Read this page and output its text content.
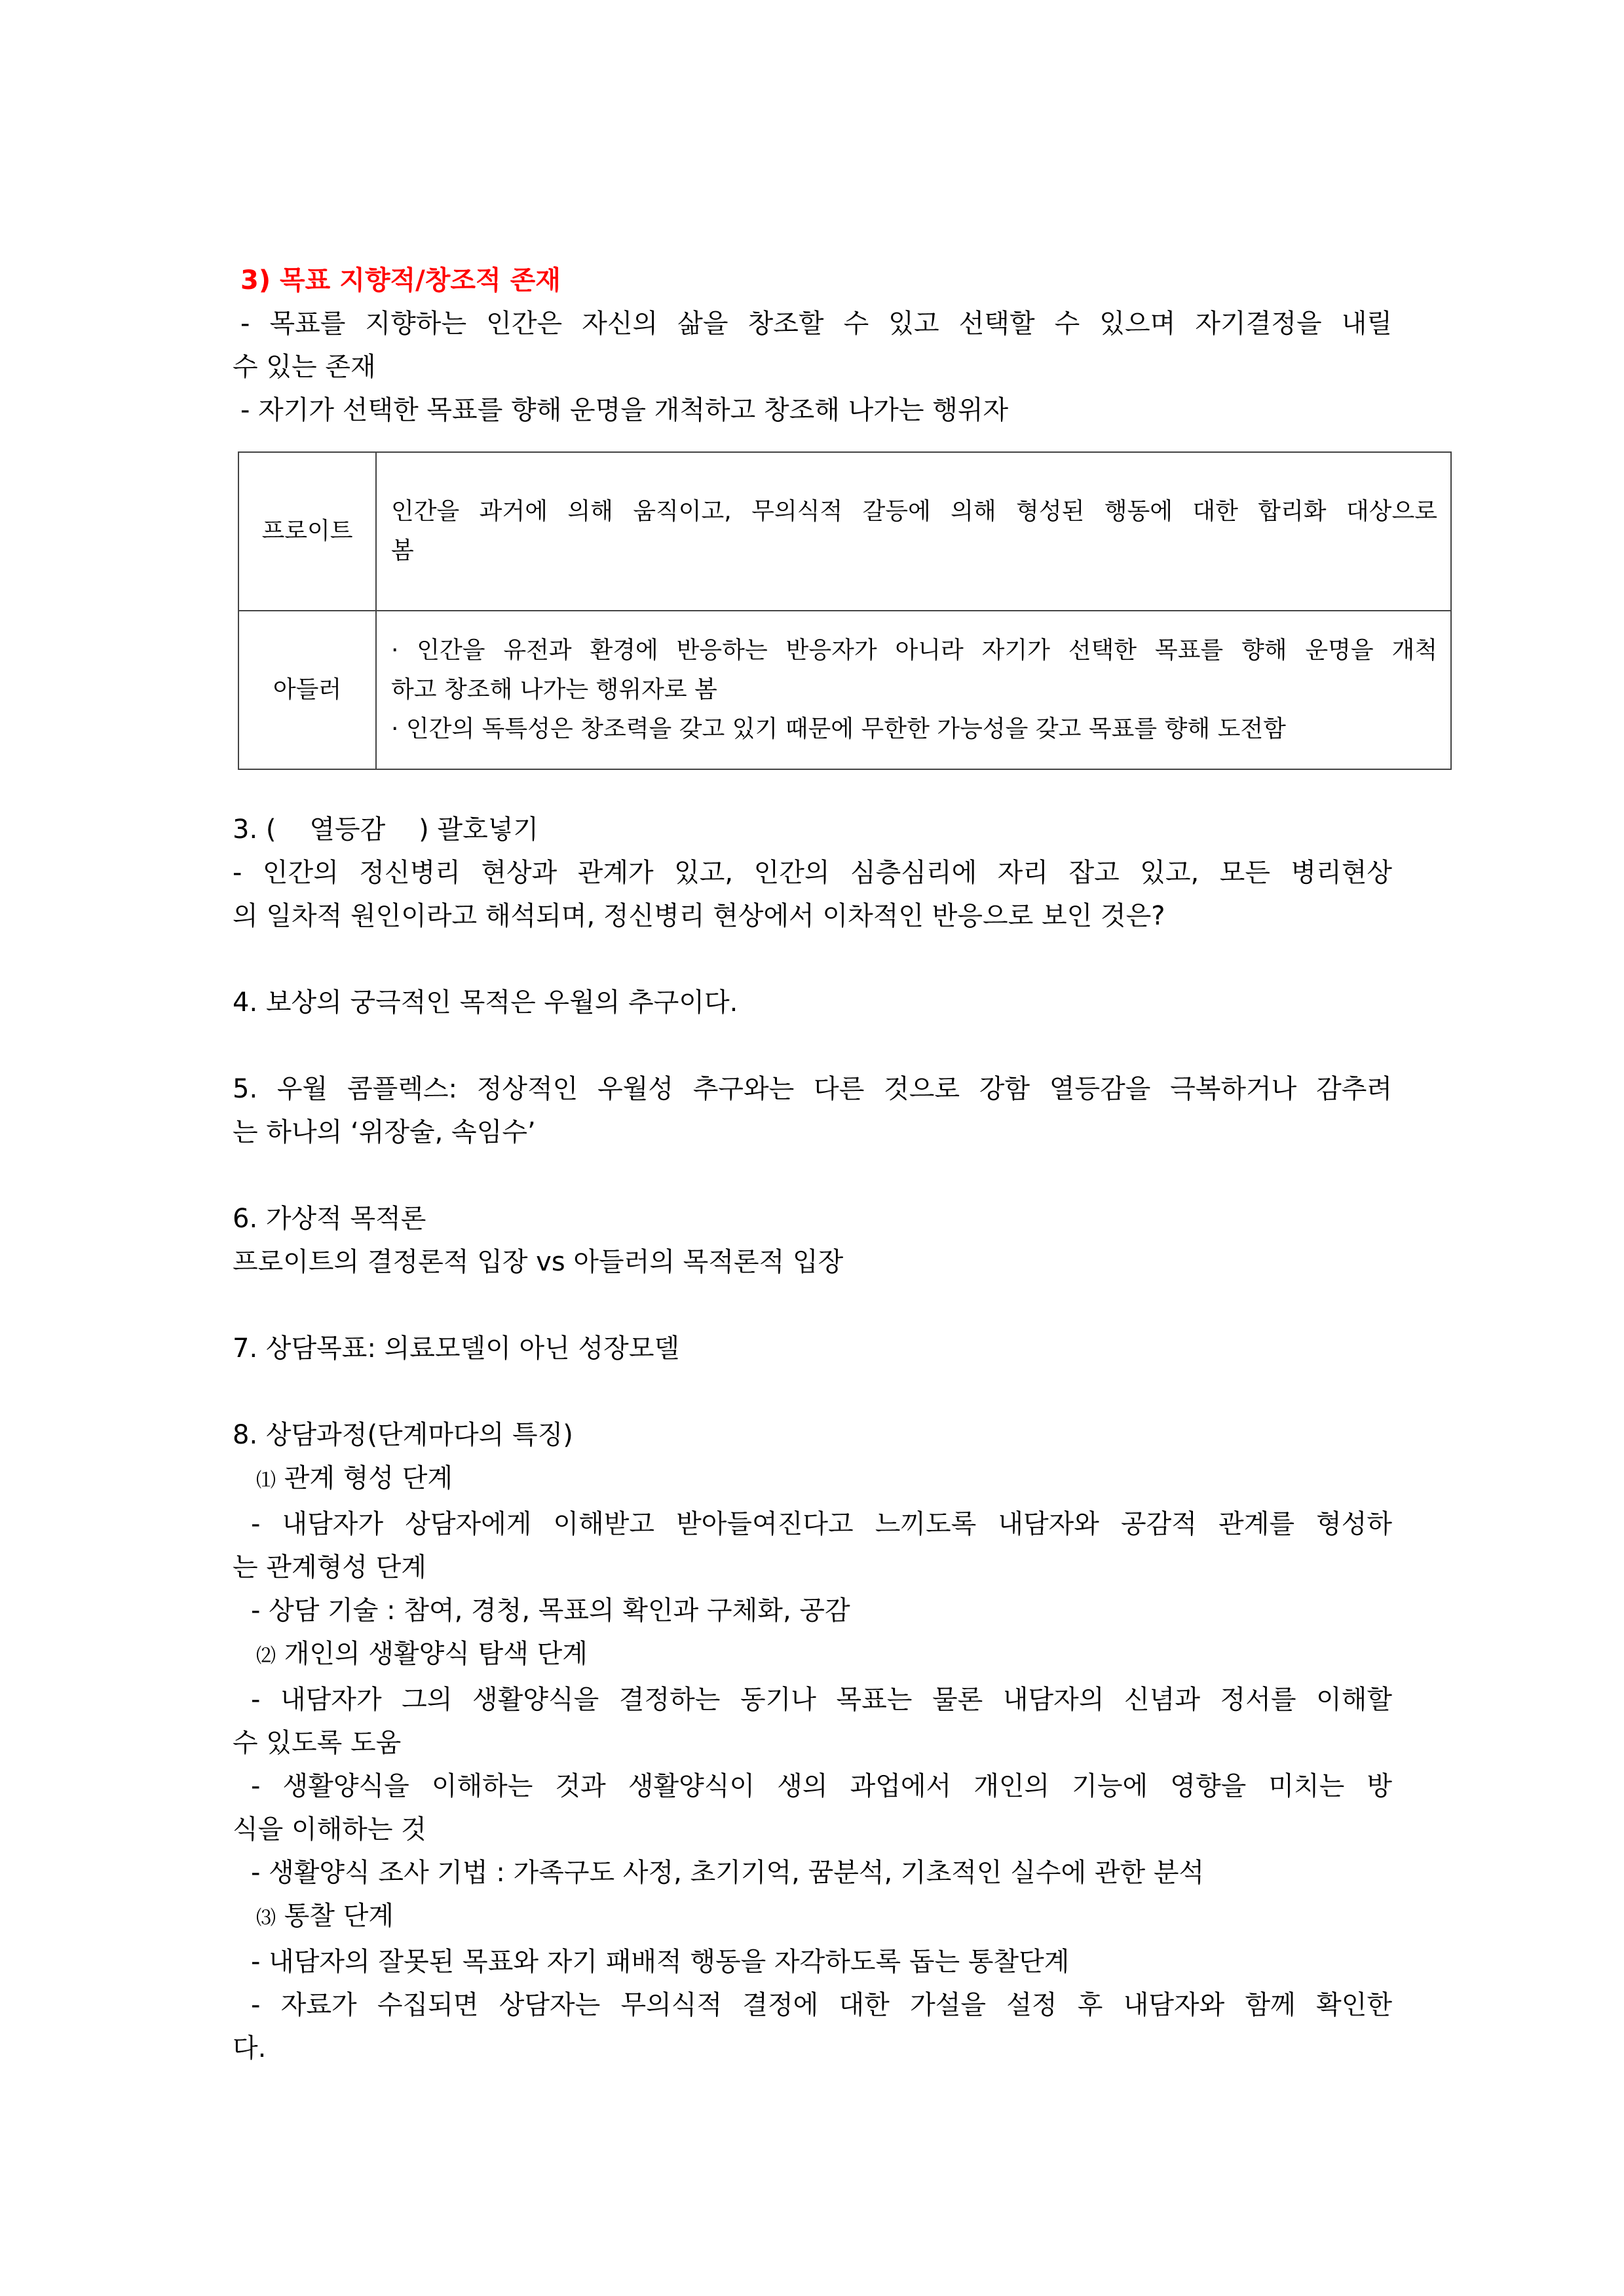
3) 목표 지향적/창조적 존재
- 목표를 지향하는 인간은 자신의 삶을 창조할 수 있고 선택할 수 있으며 자기결정을 내릴
수 있는 존재
- 자기가 선택한 목표를 향해 운명을 개척하고 창조해 나가는 행위자
프로이트	인간을 과거에 의해 움직이고, 무의식적 갈등에 의해 형성된 행동에 대한 합리화 대상으로
봄

아들러	· 인간을 유전과 환경에 반응하는 반응자가 아니라 자기가 선택한 목표를 향해 운명을 개척
하고 창조해 나가는 행위자로 봄
· 인간의 독특성은 창조력을 갖고 있기 때문에 무한한 가능성을 갖고 목표를 향해 도전함
3. (    열등감    ) 괄호넣기
- 인간의 정신병리 현상과 관계가 있고, 인간의 심층심리에 자리 잡고 있고, 모든 병리현상
의 일차적 원인이라고 해석되며, 정신병리 현상에서 이차적인 반응으로 보인 것은?
4. 보상의 궁극적인 목적은 우월의 추구이다.
5. 우월 콤플렉스: 정상적인 우월성 추구와는 다른 것으로 강함 열등감을 극복하거나 감추려
는 하나의 ‘위장술, 속임수’
6. 가상적 목적론
프로이트의 결정론적 입장 vs 아들러의 목적론적 입장
7. 상담목표: 의료모델이 아닌 성장모델
8. 상담과정(단계마다의 특징)
⑴ 관계 형성 단계
- 내담자가 상담자에게 이해받고 받아들여진다고 느끼도록 내담자와 공감적 관계를 형성하
는 관계형성 단계
- 상담 기술 : 참여, 경청, 목표의 확인과 구체화, 공감
⑵ 개인의 생활양식 탐색 단계
- 내담자가 그의 생활양식을 결정하는 동기나 목표는 물론 내담자의 신념과 정서를 이해할
수 있도록 도움
- 생활양식을 이해하는 것과 생활양식이 생의 과업에서 개인의 기능에 영향을 미치는 방
식을 이해하는 것
- 생활양식 조사 기법 : 가족구도 사정, 초기기억, 꿈분석, 기초적인 실수에 관한 분석
⑶ 통찰 단계
- 내담자의 잘못된 목표와 자기 패배적 행동을 자각하도록 돕는 통찰단계
- 자료가 수집되면 상담자는 무의식적 결정에 대한 가설을 설정 후 내담자와 함께 확인한
다.
